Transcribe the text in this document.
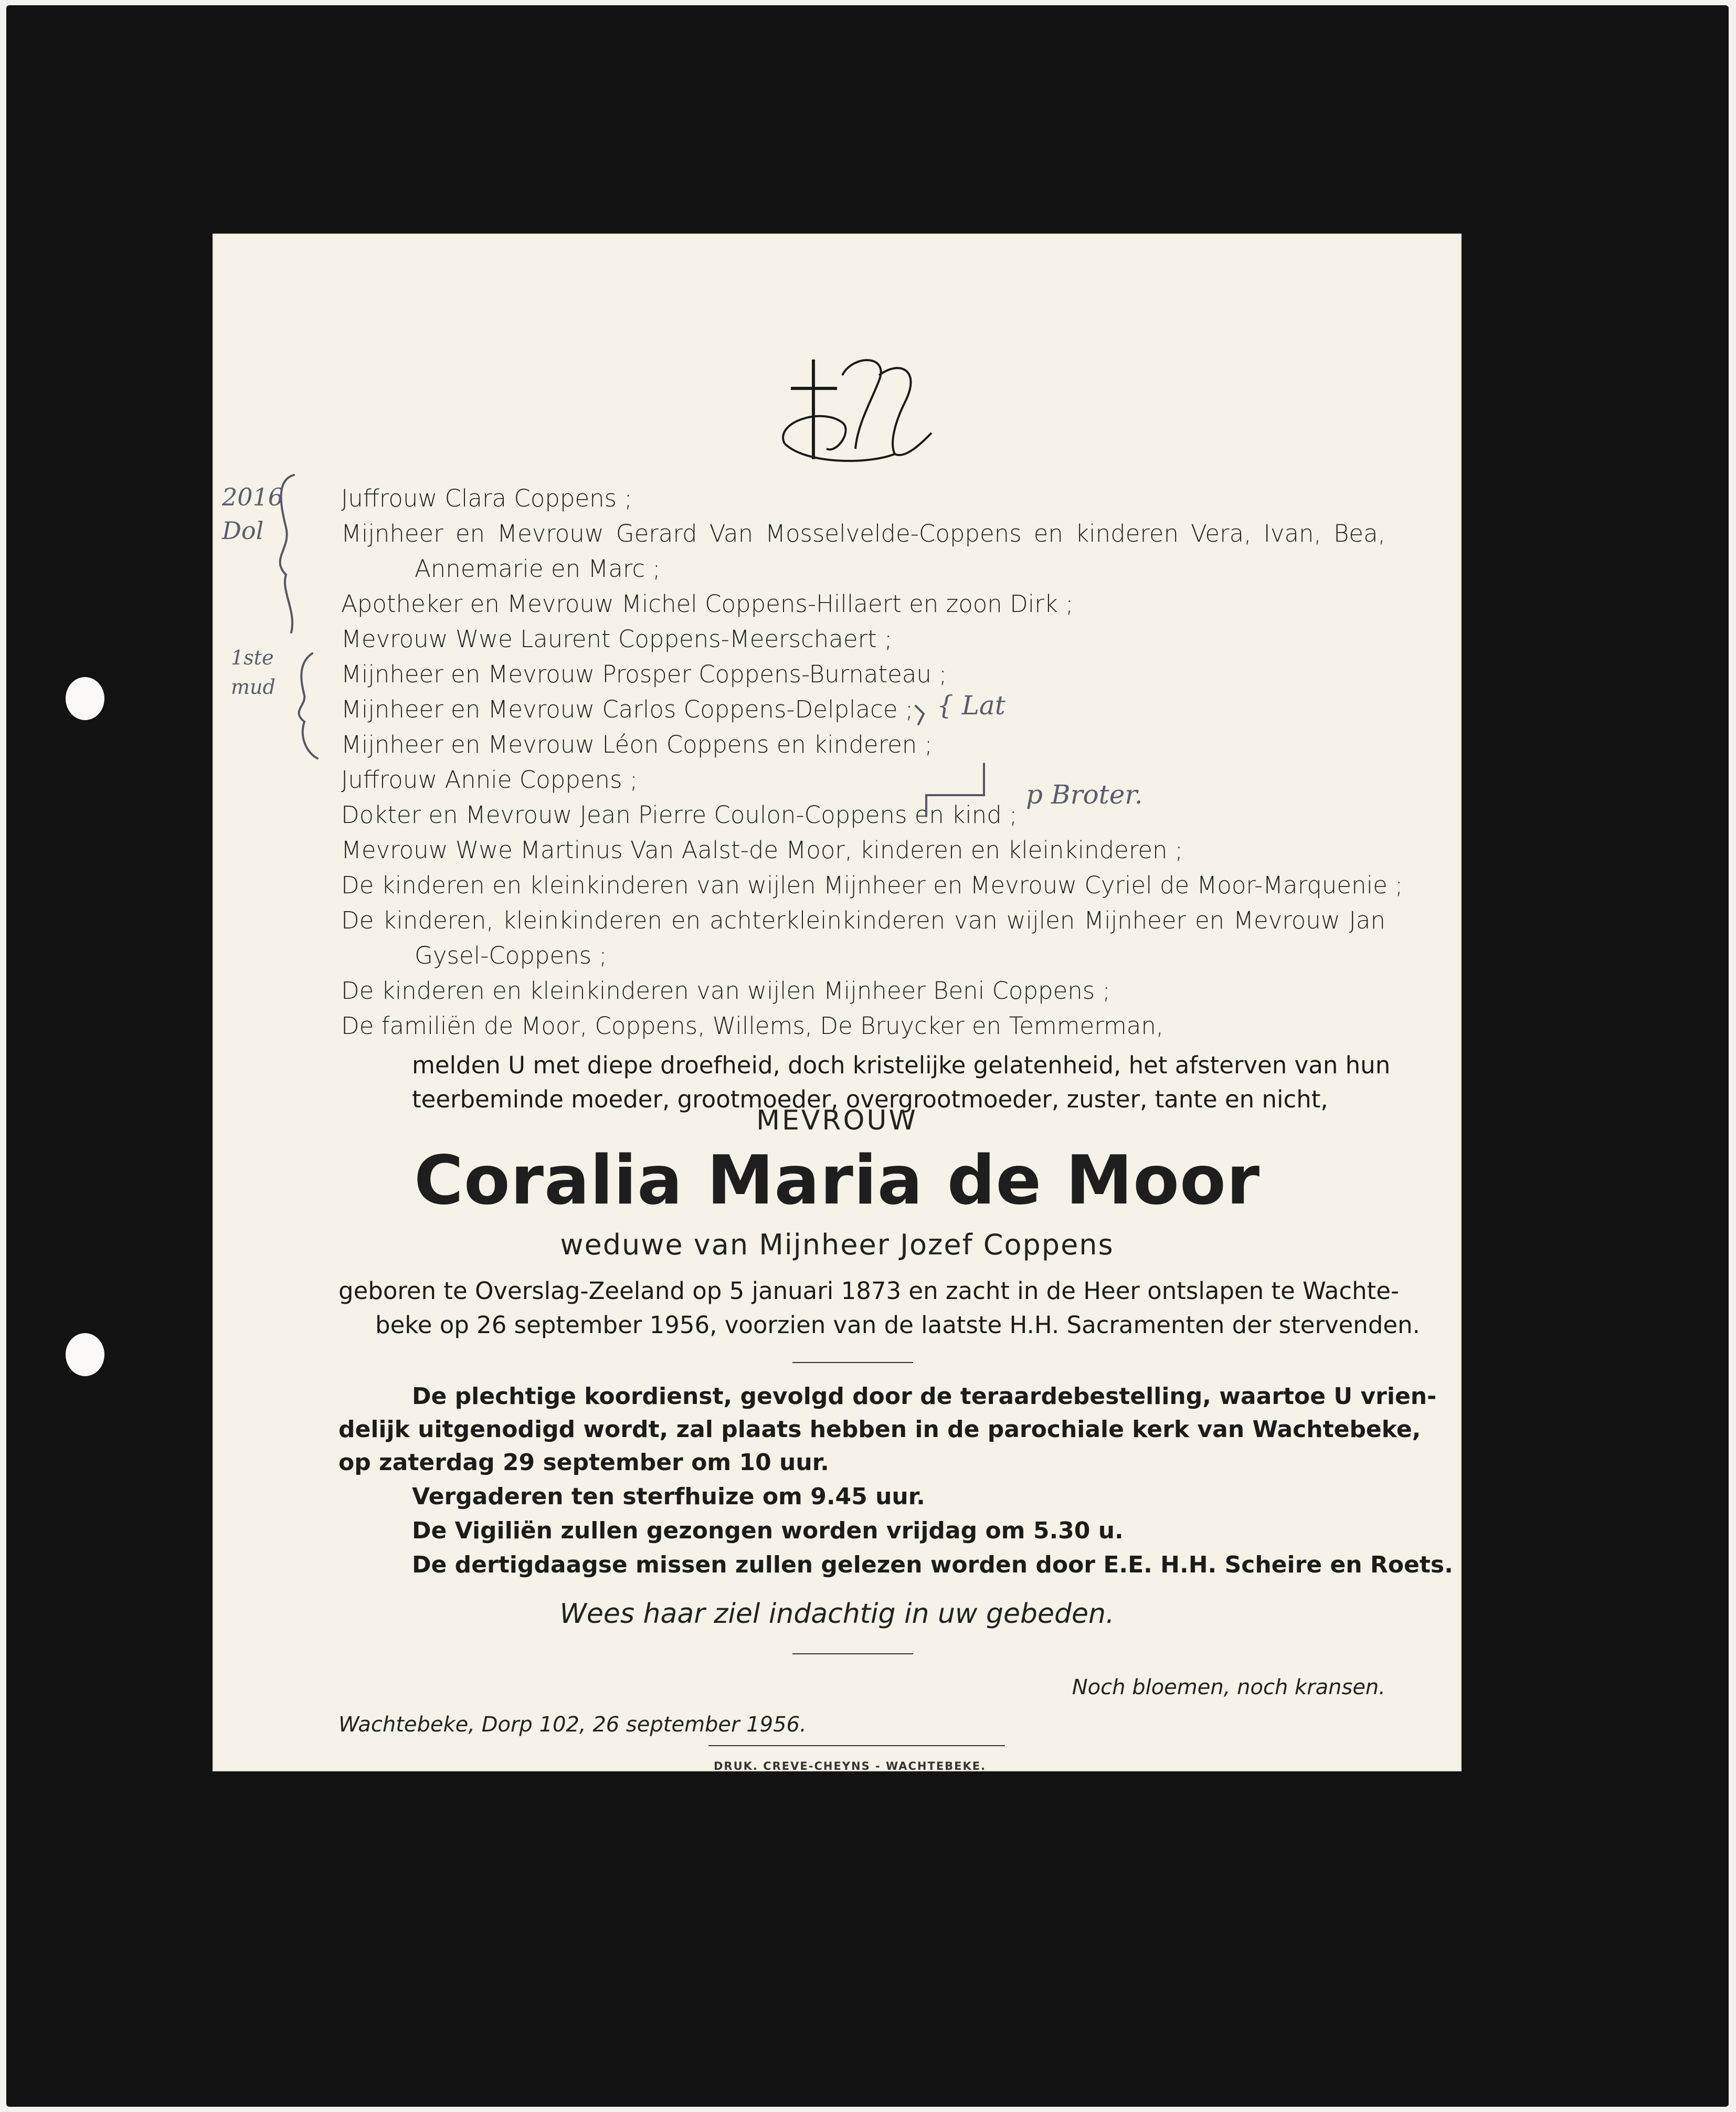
Juffrouw Clara Coppens ;
Mijnheer en Mevrouw Gerard Van Mosselvelde-Coppens en kinderen Vera, Ivan, Bea,
Annemarie en Marc ;
Apotheker en Mevrouw Michel Coppens-Hillaert en zoon Dirk ;
Mevrouw Wwe Laurent Coppens-Meerschaert ;
Mijnheer en Mevrouw Prosper Coppens-Burnateau ;
Mijnheer en Mevrouw Carlos Coppens-Delplace ;
Mijnheer en Mevrouw Léon Coppens en kinderen ;
Juffrouw Annie Coppens ;
Dokter en Mevrouw Jean Pierre Coulon-Coppens en kind ;
Mevrouw Wwe Martinus Van Aalst-de Moor, kinderen en kleinkinderen ;
De kinderen en kleinkinderen van wijlen Mijnheer en Mevrouw Cyriel de Moor-Marquenie ;
De kinderen, kleinkinderen en achterkleinkinderen van wijlen Mijnheer en Mevrouw Jan
Gysel-Coppens ;
De kinderen en kleinkinderen van wijlen Mijnheer Beni Coppens ;
De familiën de Moor, Coppens, Willems, De Bruycker en Temmerman,
melden U met diepe droefheid, doch kristelijke gelatenheid, het afsterven van hun
teerbeminde moeder, grootmoeder, overgrootmoeder, zuster, tante en nicht,
MEVROUW
Coralia Maria de Moor
weduwe van Mijnheer Jozef Coppens
geboren te Overslag-Zeeland op 5 januari 1873 en zacht in de Heer ontslapen te Wachte-
beke op 26 september 1956, voorzien van de laatste H.H. Sacramenten der stervenden.
De plechtige koordienst, gevolgd door de teraardebestelling, waartoe U vrien-
delijk uitgenodigd wordt, zal plaats hebben in de parochiale kerk van Wachtebeke,
op zaterdag 29 september om 10 uur.
Vergaderen ten sterfhuize om 9.45 uur.
De Vigiliën zullen gezongen worden vrijdag om 5.30 u.
De dertigdaagse missen zullen gelezen worden door E.E. H.H. Scheire en Roets.
Wees haar ziel indachtig in uw gebeden.
Noch bloemen, noch kransen.
Wachtebeke, Dorp 102, 26 september 1956.
DRUK. CREVE-CHEYNS - WACHTEBEKE.
2016 Dol
1ste mud
{ Lat
p Broter.
